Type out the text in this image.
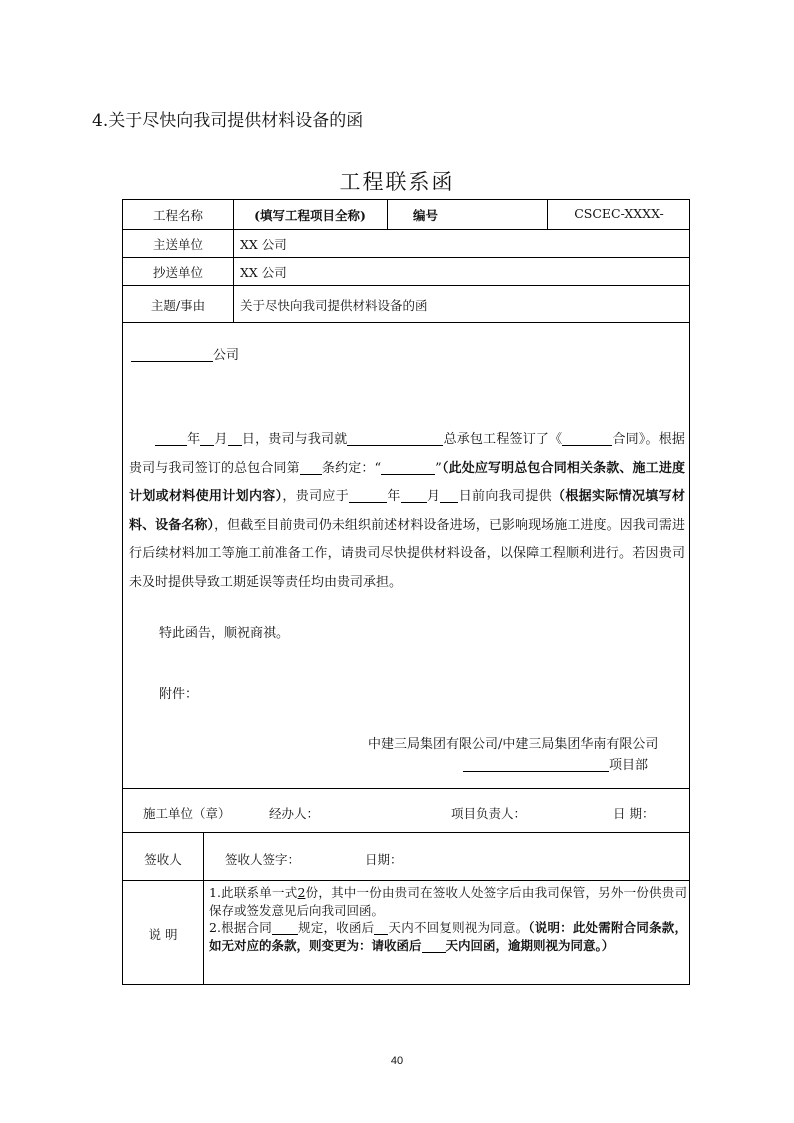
4.关于尽快向我司提供材料设备的函
工程联系函
工程名称	(填写工程项目全称)	编号	CSCEC-XXXX-
主送单位	XX 公司
抄送单位	XX 公司
主题/事由	关于尽快向我司提供材料设备的函
公司
年 月 日，贵司与我司就	总承包工程签订了《	合同》。根据贵司与我司签订的总包合同第 条约定：“	”（此处应写明总包合同相关条款、施工进度计划或材料使用计划内容），贵司应于	年 月 日前向我司提供（根据实际情况填写材料、设备名称），但截至目前贵司仍未组织前述材料设备进场，已影响现场施工进度。因我司需进行后续材料加工等施工前准备工作，请贵司尽快提供材料设备，以保障工程顺利进行。若因贵司未及时提供导致工期延误等责任均由贵司承担。
特此函告，顺祝商祺。
附件：
中建三局集团有限公司/中建三局集团华南有限公司
项目部
施工单位（章）	经办人：	项目负责人：	日 期：
签收人	签收人签字：	日期：
说 明
1.此联系单一式2份，其中一份由贵司在签收人处签字后由我司保管，另外一份供贵司保存或签发意见后向我司回函。
2.根据合同 规定，收函后 天内不回复则视为同意。（说明：此处需附合同条款，如无对应的条款，则变更为：请收函后 天内回函，逾期则视为同意。）
40
